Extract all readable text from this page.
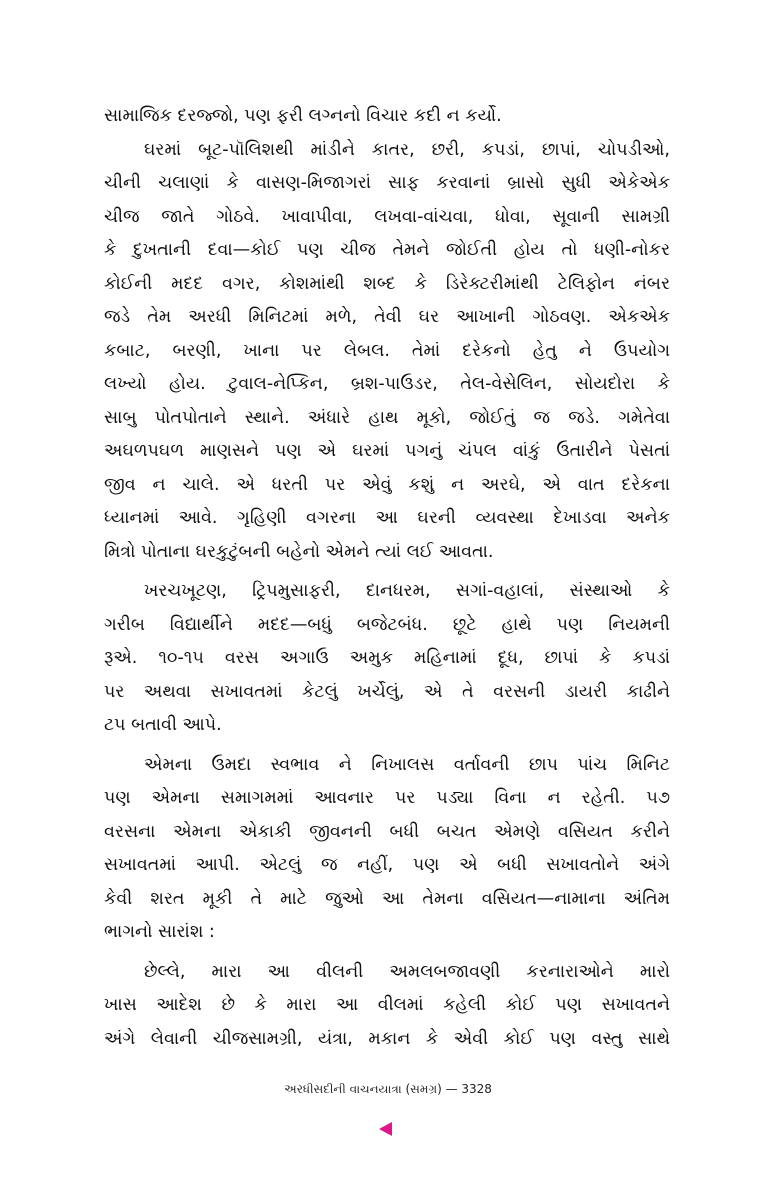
સામાજિક દરજ્જો, પણ ફરી લગ્નનો વિચાર કદી ન કર્યો.

ઘરમાં બૂટ-પૉલિશથી માંડીને કાતર, છરી, કપડાં, છાપાં, ચોપડીઓ,
ચીની ચલાણાં કે વાસણ-મિજાગરાં સાફ કરવાનાં બ્રાસો સુધી એકેએક
ચીજ જાતે ગોઠવે. ખાવાપીવા, લખવા-વાંચવા, ધોવા, સૂવાની સામગ્રી
કે દુખતાની દવા—કોઈ પણ ચીજ તેમને જોઈતી હોય તો ધણી-નોકર
કોઈની મદદ વગર, કોશમાંથી શબ્દ કે ડિરેક્ટરીમાંથી ટેલિફોન નંબર
જડે તેમ અરધી મિનિટમાં મળે, તેવી ઘર આખાની ગોઠવણ. એકએક
કબાટ, બરણી, ખાના પર લેબલ. તેમાં દરેકનો હેતુ ને ઉપયોગ
લખ્યો હોય. ટુવાલ-નેપ્કિન, બ્રશ-પાઉડર, તેલ-વેસેલિન, સોયદોરા કે
સાબુ પોતપોતાને સ્થાને. અંધારે હાથ મૂકો, જોઈતું જ જડે. ગમેતેવા
અઘળપઘળ માણસને પણ એ ઘરમાં પગનું ચંપલ વાંકું ઉતારીને પેસતાં
જીવ ન ચાલે. એ ધરતી પર એવું કશું ન અરઘે, એ વાત દરેકના
ધ્યાનમાં આવે. ગૃહિણી વગરના આ ઘરની વ્યવસ્થા દેખાડવા અનેક
મિત્રો પોતાના ઘરકુટુંબની બહેનો એમને ત્યાં લઈ આવતા.

ખરચખૂટણ, ટ્રિપમુસાફરી, દાનધરમ, સગાં-વહાલાં, સંસ્થાઓ કે
ગરીબ વિદ્યાર્થીને મદદ—બધું બજેટબંધ. છૂટે હાથે પણ નિયમની
રૂએ. ૧૦-૧૫ વરસ અગાઉ અમુક મહિનામાં દૂધ, છાપાં કે કપડાં
પર અથવા સખાવતમાં કેટલું ખર્ચેલું, એ તે વરસની ડાયરી કાઢીને
ટપ બતાવી આપે.

એમના ઉમદા સ્વભાવ ને નિખાલસ વર્તાવની છાપ પાંચ મિનિટ
પણ એમના સમાગમમાં આવનાર પર પડ્યા વિના ન રહેતી. ૫૭
વરસના એમના એકાકી જીવનની બધી બચત એમણે વસિયત કરીને
સખાવતમાં આપી. એટલું જ નહીં, પણ એ બધી સખાવતોને અંગે
કેવી શરત મૂકી તે માટે જુઓ આ તેમના વસિયત—નામાના અંતિમ
ભાગનો સારાંશ :

છેલ્લે, મારા આ વીલની અમલબજાવણી કરનારાઓને મારો
ખાસ આદેશ છે કે મારા આ વીલમાં કહેલી કોઈ પણ સખાવતને
અંગે લેવાની ચીજસામગ્રી, યંત્રા, મકાન કે એવી કોઈ પણ વસ્તુ સાથે

અરધીસદીની વાચનયાત્રા (સમગ્ર) — 3328
